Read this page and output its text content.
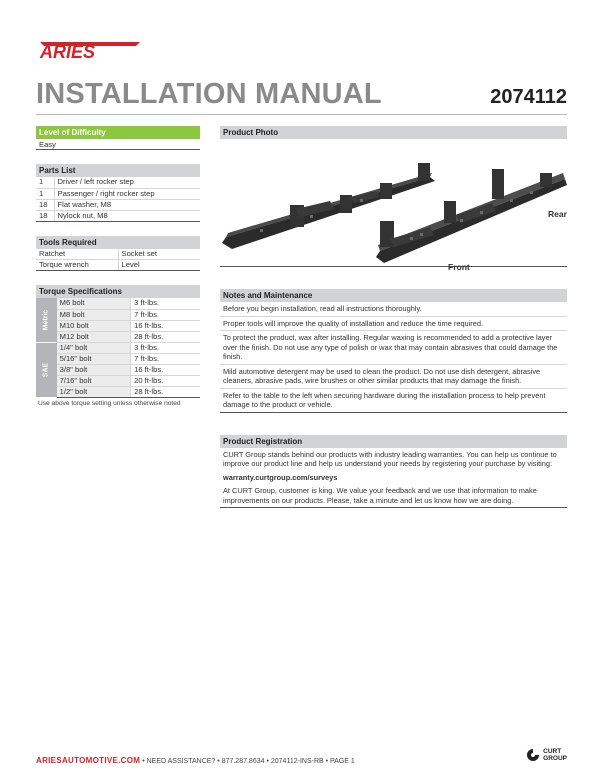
ARIES
INSTALLATION MANUAL	2074112
Level of Difficulty
Easy
Parts List
1	Driver / left rocker step
1	Passenger / right rocker step
18	Flat washer, M8
18	Nylock nut, M8
Tools Required
Ratchet	Socket set
Torque wrench	Level
Torque Specifications
Metric	M6 bolt	3 ft-lbs.
	M8 bolt	7 ft-lbs.
	M10 bolt	16 ft-lbs.
	M12 bolt	28 ft-lbs.

SAE	1/4" bolt	3 ft-lbs.
	5/16" bolt	7 ft-lbs.
	3/8" bolt	16 ft-lbs.
	7/16" bolt	20 ft-lbs.
	1/2" bolt	28 ft-lbs.
Use above torque setting unless otherwise noted
Product Photo
Rear
Front
Notes and Maintenance
Before you begin installation, read all instructions thoroughly.
Proper tools will improve the quality of installation and reduce the time required.
To protect the product, wax after installing. Regular waxing is recommended to add a protective layer over the finish. Do not use any type of polish or wax that may contain abrasives that could damage the finish.
Mild automotive detergent may be used to clean the product. Do not use dish detergent, abrasive cleaners, abrasive pads, wire brushes or other similar products that may damage the finish.
Refer to the table to the left when securing hardware during the installation process to help prevent damage to the product or vehicle.
Product Registration
CURT Group stands behind our products with industry leading warranties. You can help us continue to improve our product line and help us understand your needs by registering your purchase by visiting:
warranty.curtgroup.com/surveys
At CURT Group, customer is king. We value your feedback and we use that information to make improvements on our products. Please, take a minute and let us know how we are doing.
ARIESAUTOMOTIVE.COM • NEED ASSISTANCE? • 877.287.8634 • 2074112-INS-RB • PAGE 1
CURT
GROUP
